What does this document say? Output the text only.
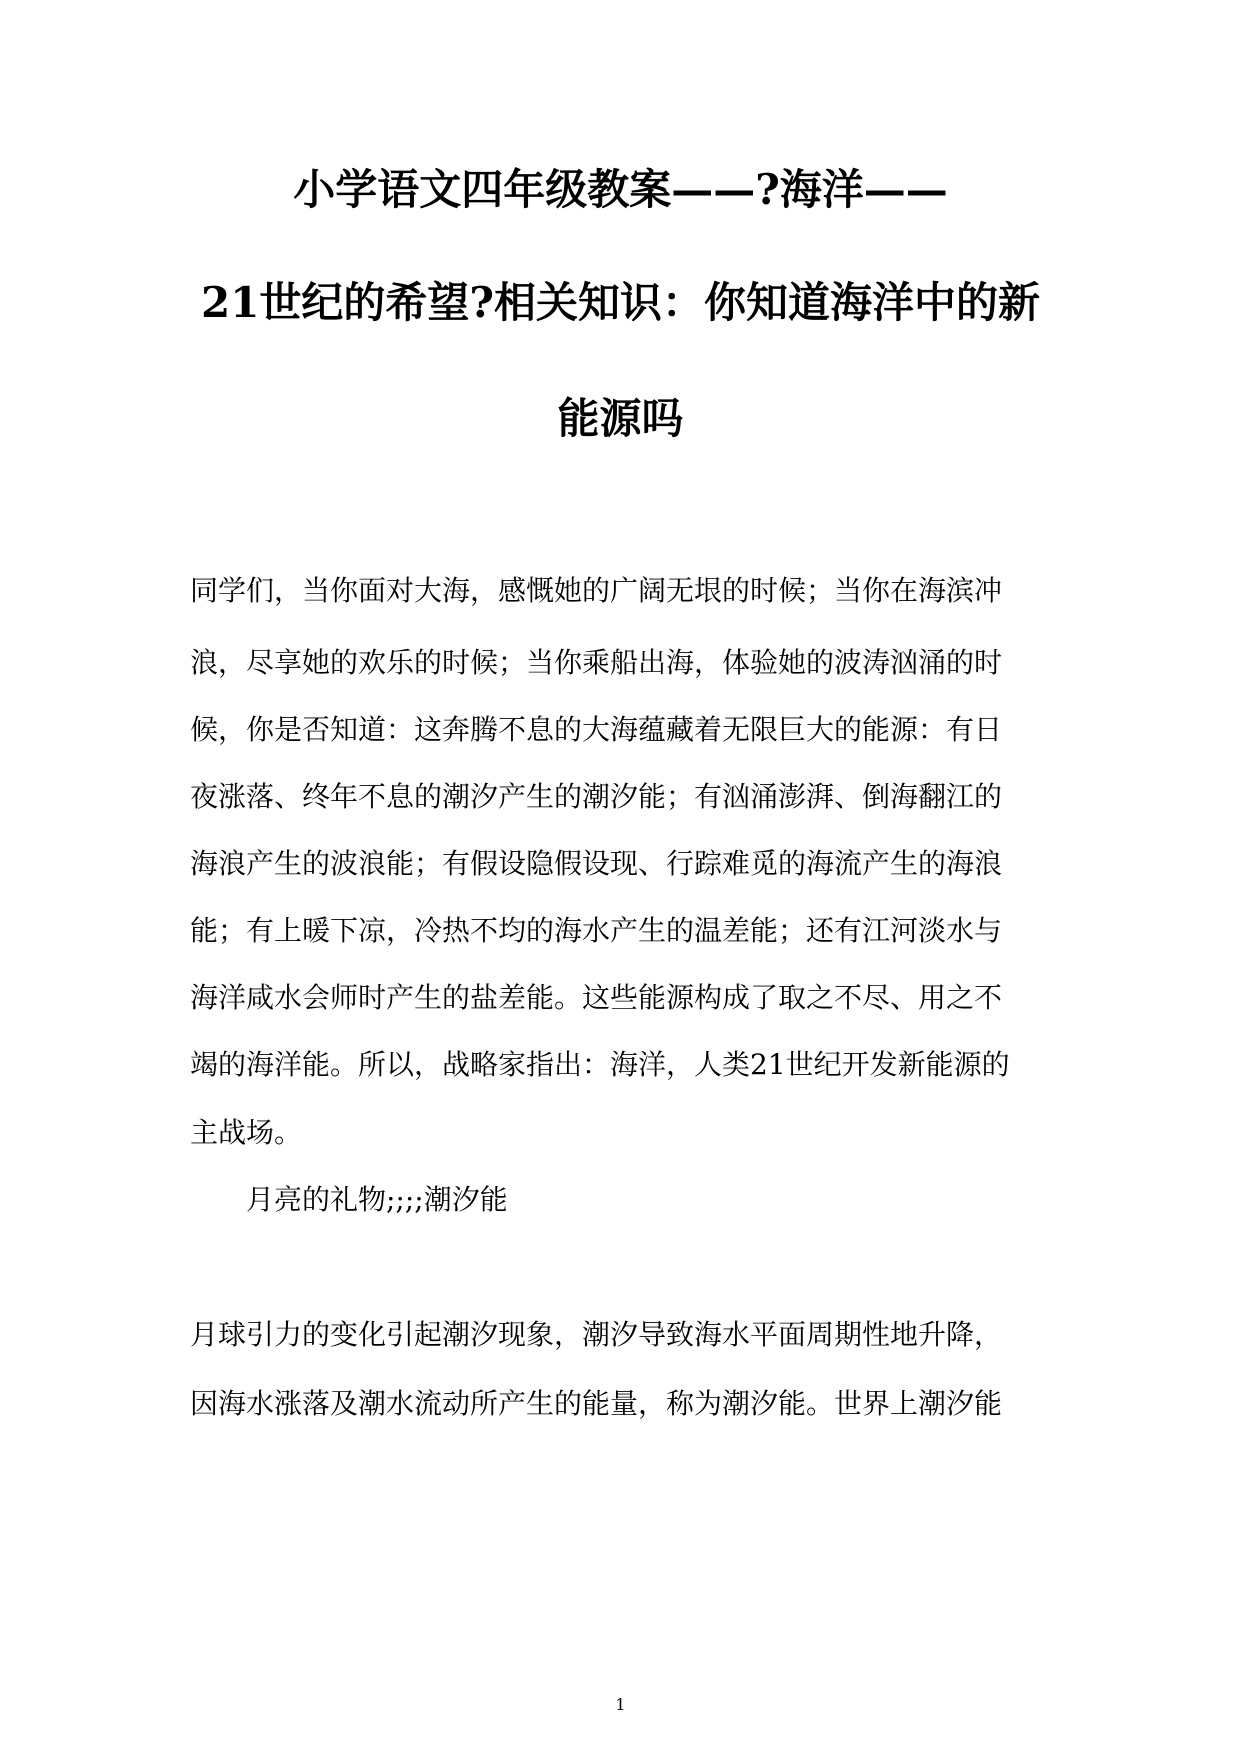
小学语文四年级教案——?海洋——
21世纪的希望?相关知识：你知道海洋中的新
能源吗
同学们，当你面对大海，感慨她的广阔无垠的时候；当你在海滨冲
浪，尽享她的欢乐的时候；当你乘船出海，体验她的波涛汹涌的时
候，你是否知道：这奔腾不息的大海蕴藏着无限巨大的能源：有日
夜涨落、终年不息的潮汐产生的潮汐能；有汹涌澎湃、倒海翻江的
海浪产生的波浪能；有假设隐假设现、行踪难觅的海流产生的海浪
能；有上暖下凉，冷热不均的海水产生的温差能；还有江河淡水与
海洋咸水会师时产生的盐差能。这些能源构成了取之不尽、用之不
竭的海洋能。所以，战略家指出：海洋，人类21世纪开发新能源的
主战场。
月亮的礼物;;;;潮汐能
月球引力的变化引起潮汐现象，潮汐导致海水平面周期性地升降，
因海水涨落及潮水流动所产生的能量，称为潮汐能。世界上潮汐能
1
